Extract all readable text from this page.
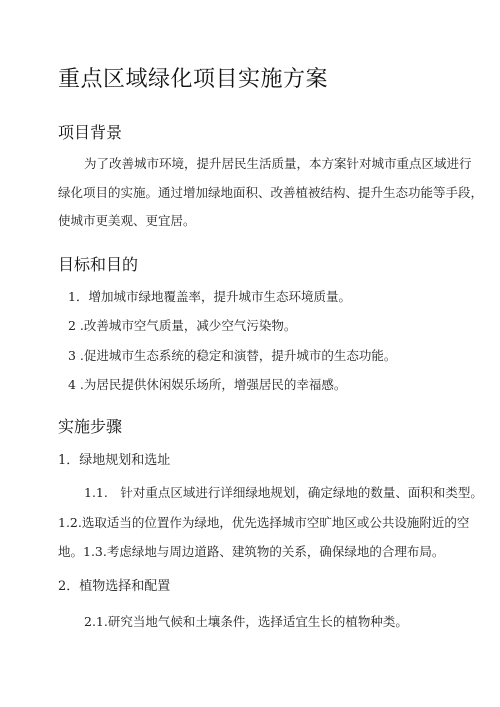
重点区域绿化项目实施方案
项目背景
为了改善城市环境，提升居民生活质量，本方案针对城市重点区域进行
绿化项目的实施。通过增加绿地面积、改善植被结构、提升生态功能等手段，
使城市更美观、更宜居。
目标和目的
1．增加城市绿地覆盖率，提升城市生态环境质量。
2 .改善城市空气质量，减少空气污染物。
3 .促进城市生态系统的稳定和演替，提升城市的生态功能。
4 .为居民提供休闲娱乐场所，增强居民的幸福感。
实施步骤
1．绿地规划和选址
1.1.　针对重点区域进行详细绿地规划，确定绿地的数量、面积和类型。
1.2.选取适当的位置作为绿地，优先选择城市空旷地区或公共设施附近的空
地。1.3.考虑绿地与周边道路、建筑物的关系，确保绿地的合理布局。
2．植物选择和配置
2.1.研究当地气候和土壤条件，选择适宜生长的植物种类。
